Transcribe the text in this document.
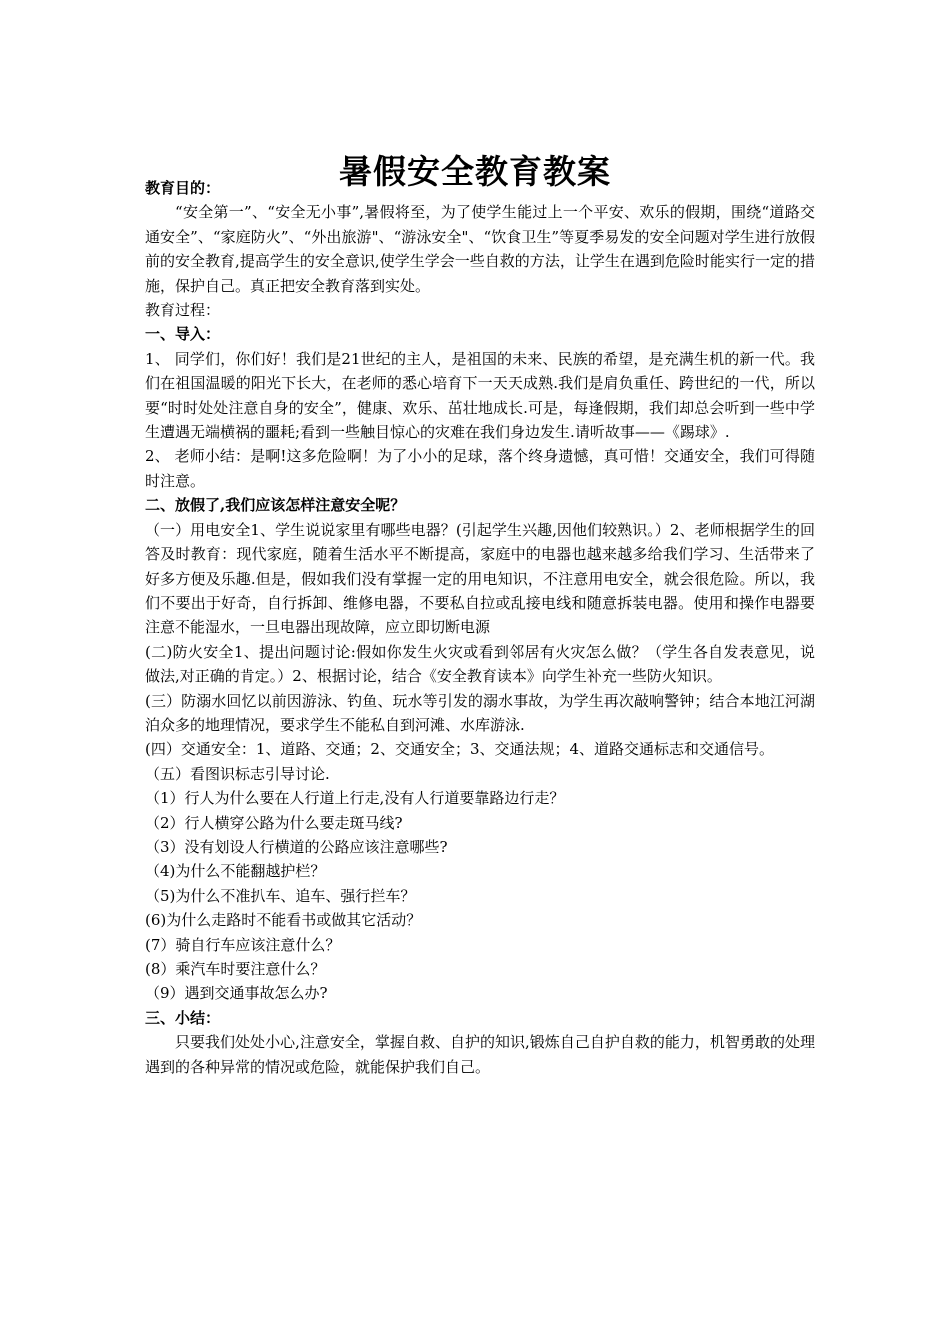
暑假安全教育教案

教育目的：

“安全第一”、“安全无小事”,暑假将至，为了使学生能过上一个平安、欢乐的假期，围绕“道路交通安全”、“家庭防火”、“外出旅游"、“游泳安全"、“饮食卫生”等夏季易发的安全问题对学生进行放假前的安全教育,提高学生的安全意识,使学生学会一些自救的方法，让学生在遇到危险时能实行一定的措施，保护自己。真正把安全教育落到实处。

教育过程：

一、导入：

1、 同学们，你们好！我们是21世纪的主人，是祖国的未来、民族的希望，是充满生机的新一代。我们在祖国温暖的阳光下长大，在老师的悉心培育下一天天成熟.我们是肩负重任、跨世纪的一代，所以要“时时处处注意自身的安全”，健康、欢乐、茁壮地成长.可是，每逢假期，我们却总会听到一些中学生遭遇无端横祸的噩耗;看到一些触目惊心的灾难在我们身边发生.请听故事——《踢球》.

2、 老师小结：是啊!这多危险啊！为了小小的足球，落个终身遗憾，真可惜！交通安全，我们可得随时注意。

二、放假了,我们应该怎样注意安全呢？

（一）用电安全1、学生说说家里有哪些电器？(引起学生兴趣,因他们较熟识。）2、老师根据学生的回答及时教育：现代家庭，随着生活水平不断提高，家庭中的电器也越来越多给我们学习、生活带来了好多方便及乐趣.但是，假如我们没有掌握一定的用电知识，不注意用电安全，就会很危险。所以，我们不要出于好奇，自行拆卸、维修电器，不要私自拉或乱接电线和随意拆装电器。使用和操作电器要注意不能湿水，一旦电器出现故障，应立即切断电源

(二)防火安全1、提出问题讨论:假如你发生火灾或看到邻居有火灾怎么做？（学生各自发表意见，说做法,对正确的肯定。）2、根据讨论，结合《安全教育读本》向学生补充一些防火知识。

(三）防溺水回忆以前因游泳、钓鱼、玩水等引发的溺水事故，为学生再次敲响警钟；结合本地江河湖泊众多的地理情况，要求学生不能私自到河滩、水库游泳.

(四）交通安全：1、道路、交通；2、交通安全；3、交通法规；4、道路交通标志和交通信号。

（五）看图识标志引导讨论.

（1）行人为什么要在人行道上行走,没有人行道要靠路边行走？

（2）行人横穿公路为什么要走斑马线?

（3）没有划设人行横道的公路应该注意哪些?

（4)为什么不能翻越护栏？

（5)为什么不准扒车、追车、强行拦车？

(6)为什么走路时不能看书或做其它活动？

(7）骑自行车应该注意什么？

(8）乘汽车时要注意什么？

（9）遇到交通事故怎么办?

三、小结：

只要我们处处小心,注意安全，掌握自救、自护的知识,锻炼自己自护自救的能力，机智勇敢的处理遇到的各种异常的情况或危险，就能保护我们自己。
